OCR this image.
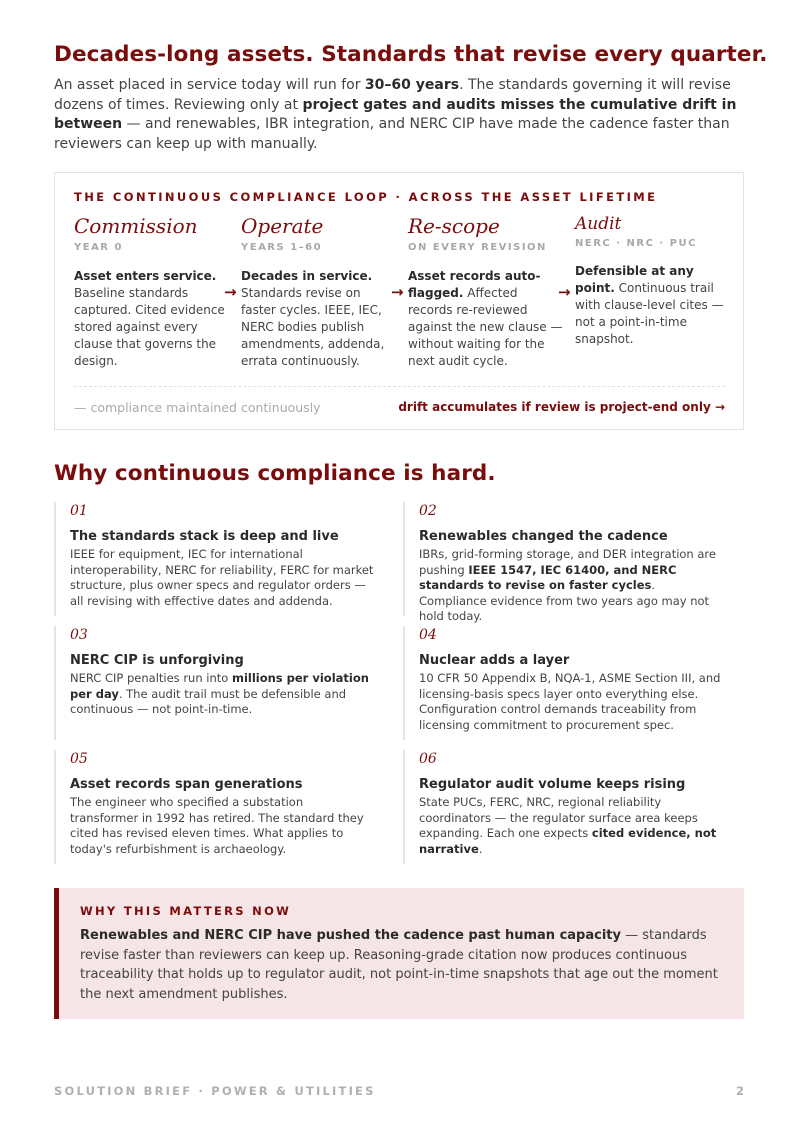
Decades-long assets. Standards that revise every quarter.

An asset placed in service today will run for 30–60 years. The standards governing it will revise dozens of times. Reviewing only at project gates and audits misses the cumulative drift in between — and renewables, IBR integration, and NERC CIP have made the cadence faster than reviewers can keep up with manually.

THE CONTINUOUS COMPLIANCE LOOP · ACROSS THE ASSET LIFETIME
Commission
YEAR 0
Asset enters service. Baseline standards captured. Cited evidence stored against every clause that governs the design.
→
Operate
YEARS 1–60
Decades in service. Standards revise on faster cycles. IEEE, IEC, NERC bodies publish amendments, addenda, errata continuously.
→
Re-scope
ON EVERY REVISION
Asset records auto-flagged. Affected records re-reviewed against the new clause — without waiting for the next audit cycle.
→
Audit
NERC · NRC · PUC
Defensible at any point. Continuous trail with clause-level cites — not a point-in-time snapshot.
— compliance maintained continuously	drift accumulates if review is project-end only →
Why continuous compliance is hard.
01
The standards stack is deep and live
IEEE for equipment, IEC for international interoperability, NERC for reliability, FERC for market structure, plus owner specs and regulator orders — all revising with effective dates and addenda.
02
Renewables changed the cadence
IBRs, grid-forming storage, and DER integration are pushing IEEE 1547, IEC 61400, and NERC standards to revise on faster cycles. Compliance evidence from two years ago may not hold today.
03
NERC CIP is unforgiving
NERC CIP penalties run into millions per violation per day. The audit trail must be defensible and continuous — not point-in-time.
04
Nuclear adds a layer
10 CFR 50 Appendix B, NQA-1, ASME Section III, and licensing-basis specs layer onto everything else. Configuration control demands traceability from licensing commitment to procurement spec.
05
Asset records span generations
The engineer who specified a substation transformer in 1992 has retired. The standard they cited has revised eleven times. What applies to today's refurbishment is archaeology.
06
Regulator audit volume keeps rising
State PUCs, FERC, NRC, regional reliability coordinators — the regulator surface area keeps expanding. Each one expects cited evidence, not narrative.
WHY THIS MATTERS NOW

Renewables and NERC CIP have pushed the cadence past human capacity — standards revise faster than reviewers can keep up. Reasoning-grade citation now produces continuous traceability that holds up to regulator audit, not point-in-time snapshots that age out the moment the next amendment publishes.

SOLUTION BRIEF · POWER & UTILITIES	2
